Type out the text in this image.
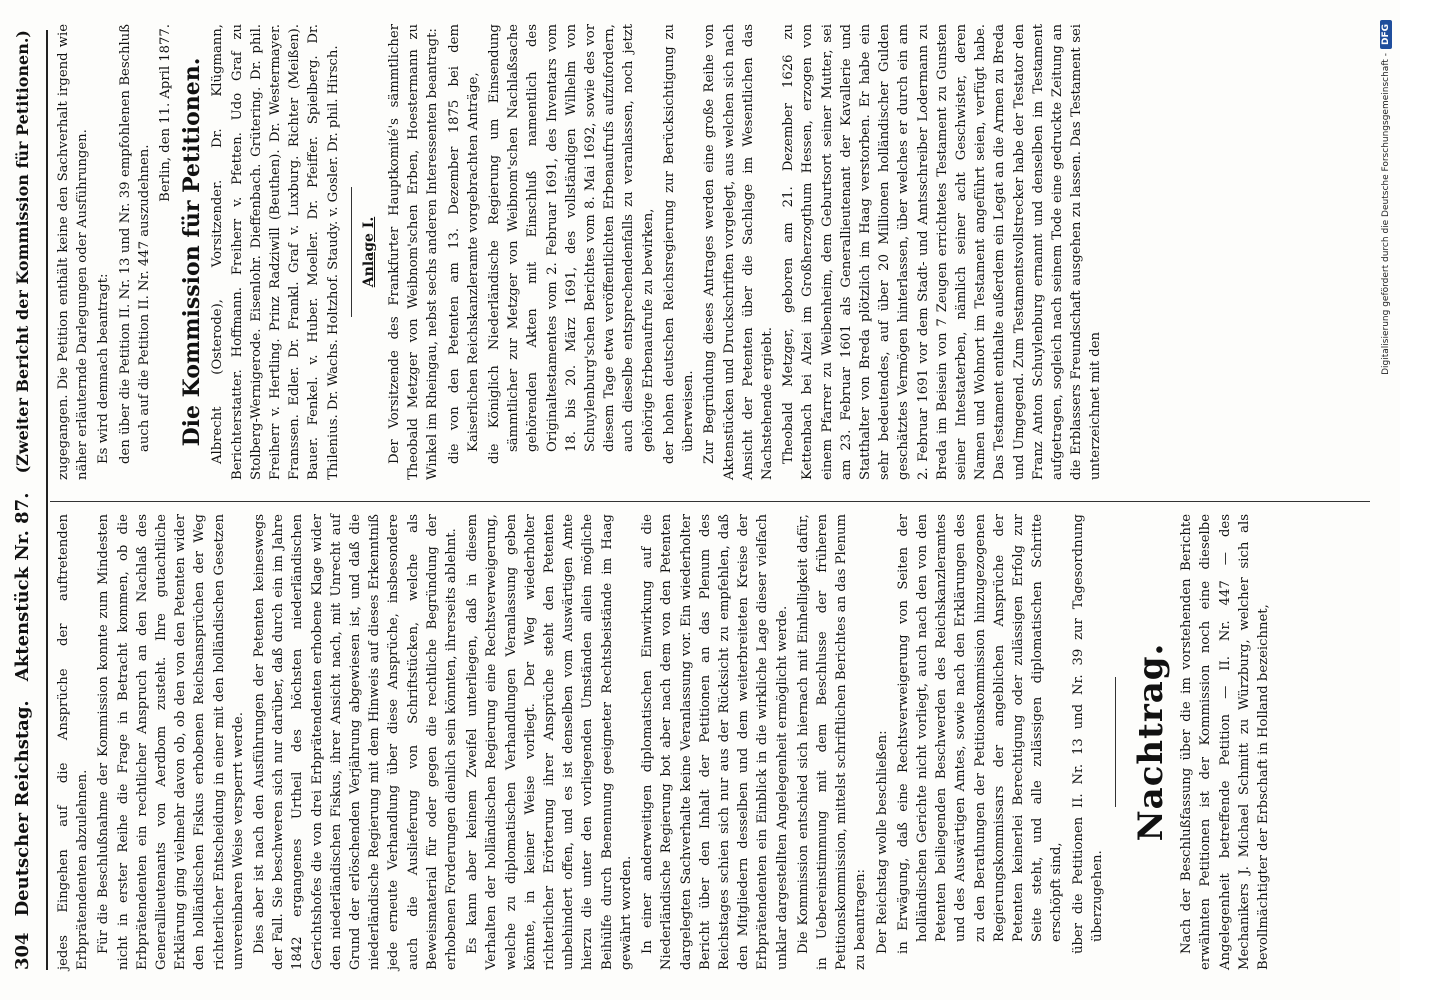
304
Deutscher Reichstag.
Aktenstück Nr. 87.
(Zweiter Bericht der Kommission für Petitionen.)

jedes Eingehen auf die Ansprüche der auftretenden Erbprätendenten abzulehnen. Für die Beschlußnahme der Kommission konnte zum Mindesten nicht in erster Reihe die Frage in Betracht kommen, ob die Erbprätendenten ein rechtlicher Anspruch an den Nachlaß des Generallieutenants von Aerdbom zusteht. Ihre gutachtliche Erklärung ging vielmehr davon ob, ob den von den Petenten wider den holländischen Fiskus erhobenen Reichsansprüchen der Weg richterlicher Entscheidung in einer mit den holländischen Gesetzen unvereinbaren Weise versperrt werde. Dies aber ist nach den Ausführungen der Petenten keineswegs der Fall. Sie beschweren sich nur darüber, daß durch ein im Jahre 1842 ergangenes Urtheil des höchsten niederländischen Gerichtshofes die von drei Erbprätendenten erhobene Klage wider den niederländischen Fiskus, ihrer Ansicht nach, mit Unrecht auf Grund der erlöschenden Verjährung abgewiesen ist, und daß die niederländische Regierung mit dem Hinweis auf dieses Erkenntniß jede erneute Verhandlung über diese Ansprüche, insbesondere auch die Auslieferung von Schriftstücken, welche als Beweismaterial für oder gegen die rechtliche Begründung der erhobenen Forderungen dienlich sein könnten, ihrerseits ablehnt. Es kann aber keinem Zweifel unterliegen, daß in diesem Verhalten der holländischen Regierung eine Rechtsverweigerung, welche zu diplomatischen Verhandlungen Veranlassung geben könnte, in keiner Weise vorliegt. Der Weg wiederholter richterlicher Erörterung ihrer Ansprüche steht den Petenten unbehindert offen, und es ist denselben vom Auswärtigen Amte hierzu die unter den vorliegenden Umständen allein mögliche Beihülfe durch Benennung geeigneter Rechtsbeistände im Haag gewährt worden. In einer anderweitigen diplomatischen Einwirkung auf die Niederländische Regierung bot aber nach dem von den Petenten dargelegten Sachverhalte keine Veranlassung vor. Ein wiederholter Bericht über den Inhalt der Petitionen an das Plenum des Reichstages schien sich nur aus der Rücksicht zu empfehlen, daß den Mitgliedern desselben und dem weiterbreiteten Kreise der Erbprätendenten ein Einblick in die wirkliche Lage dieser vielfach unklar dargestellten Angelegenheit ermöglicht werde. Die Kommission entschied sich hiernach mit Einhelligkeit dafür, in Uebereinstimmung mit dem Beschlusse der früheren Petitionskommission, mittelst schriftlichen Berichtes an das Plenum zu beantragen: Der Reichstag wolle beschließen: in Erwägung, daß eine Rechtsverweigerung von Seiten der holländischen Gerichte nicht vorliegt, auch nach den von den Petenten beiliegenden Beschwerden des Reichskanzleramtes und des Auswärtigen Amtes, sowie nach den Erklärungen des zu den Berathungen der Petitionskommission hinzugezogenen Regierungskommissars der angeblichen Ansprüche der Petenten keinerlei Berechtigung oder zulässigen Erfolg zur Seite steht, und alle zulässigen diplomatischen Schritte erschöpft sind, über die Petitionen II. Nr. 13 und Nr. 39 zur Tagesordnung überzugehen.

Nachtrag. Nach der Beschlußfassung über die im vorstehenden Berichte erwähnten Petitionen ist der Kommission noch eine dieselbe Angelegenheit betreffende Petition — II. Nr. 447 — des Mechanikers J. Michael Schmitt zu Würzburg, welcher sich als Bevollmächtigter der Erbschaft in Holland bezeichnet,

zugegangen. Die Petition enthält keine den Sachverhalt irgend wie näher erläuternde Darlegungen oder Ausführungen. Es wird demnach beantragt: den über die Petition II. Nr. 13 und Nr. 39 empfohlenen Beschluß auch auf die Petition II. Nr. 447 auszudehnen.

Berlin, den 11. April 1877. Die Kommission für Petitionen. Albrecht (Osterode), Vorsitzender. Dr. Klügmann, Berichterstatter. Hoffmann. Freiherr v. Pfetten. Udo Graf zu Stolberg-Wernigerode. Eisenlohr. Dieffenbach. Grütering. Dr. phil. Freiherr v. Hertling. Prinz Radziwill (Beuthen). Dr. Westermayer. Franssen. Edler. Dr. Frankl. Graf v. Luxburg. Richter (Meißen). Bauer. Fenkel. v. Huber. Moeller. Dr. Pfeiffer. Spielberg. Dr. Thilenius. Dr. Wachs. Holtzhof. Staudy. v. Gosler. Dr. phil. Hirsch. Anlage I. Der Vorsitzende des Frankfurter Hauptkomité's sämmtlicher Theobald Metzger von Weibnom'schen Erben, Hoestermann zu Winkel im Rheingau, nebst sechs anderen Interessenten beantragt: die von den Petenten am 13. Dezember 1875 bei dem Kaiserlichen Reichskanzleramte vorgebrachten Anträge, die Königlich Niederländische Regierung um Einsendung sämmtlicher zur Metzger von Weibnom'schen Nachlaßsache gehörenden Akten mit Einschluß namentlich des Originaltestamentes vom 2. Februar 1691, des Inventars vom 18. bis 20. März 1691, des vollständigen Wilhelm von Schuylenburg'schen Berichtes vom 8. Mai 1692, sowie des vor diesem Tage etwa veröffentlichten Erbenaufrufs aufzufordern, auch dieselbe entsprechendenfalls zu veranlassen, noch jetzt gehörige Erbenaufrufe zu bewirken, der hohen deutschen Reichsregierung zur Berücksichtigung zu überweisen. Zur Begründung dieses Antrages werden eine große Reihe von Aktenstücken und Druckschriften vorgelegt, aus welchen sich nach Ansicht der Petenten über die Sachlage im Wesentlichen das Nachstehende ergiebt. Theobald Metzger, geboren am 21. Dezember 1626 zu Kettenbach bei Alzei im Großherzogthum Hessen, erzogen von einem Pfarrer zu Weibenheim, dem Geburtsort seiner Mutter, sei am 23. Februar 1601 als Generallieutenant der Kavallerie und Statthalter von Breda plötzlich im Haag verstorben. Er habe ein sehr bedeutendes, auf über 20 Millionen holländischer Gulden geschätztes Vermögen hinterlassen, über welches er durch ein am 2. Februar 1691 vor dem Stadt- und Amtsschreiber Lodermann zu Breda im Beisein von 7 Zeugen errichtetes Testament zu Gunsten seiner Intestaterben, nämlich seiner acht Geschwister, deren Namen und Wohnort im Testament angeführt seien, verfügt habe. Das Testament enthalte außerdem ein Legat an die Armen zu Breda und Umgegend. Zum Testamentsvollstrecker habe der Testator den Franz Anton Schuylenburg ernannt und denselben im Testament aufgetragen, sogleich nach seinem Tode eine gedruckte Zeitung an die Erblassers Freundschaft ausgehen zu lassen. Das Testament sei unterzeichnet mit den

Digitalisierung gefördert durch die Deutsche Forschungsgemeinschaft -DFG
